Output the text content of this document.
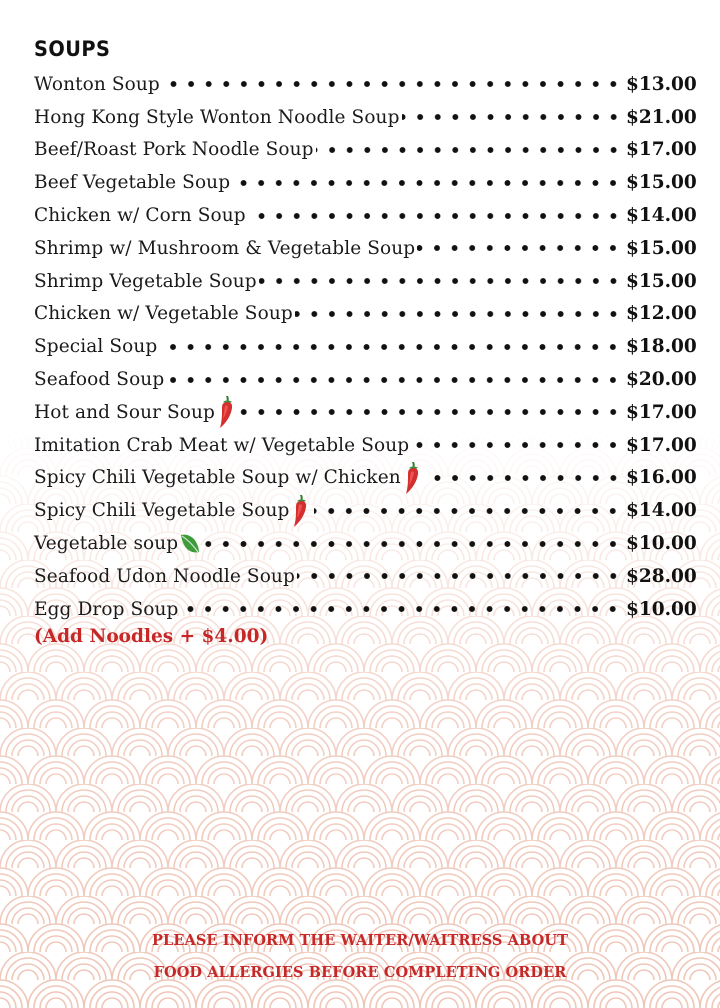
SOUPS
Wonton Soup	$13.00
Hong Kong Style Wonton Noodle Soup	$21.00
Beef/Roast Pork Noodle Soup	$17.00
Beef Vegetable Soup	$15.00
Chicken w/ Corn Soup	$14.00
Shrimp w/ Mushroom & Vegetable Soup	$15.00
Shrimp Vegetable Soup	$15.00
Chicken w/ Vegetable Soup	$12.00
Special Soup	$18.00
Seafood Soup	$20.00
Hot and Sour Soup	$17.00
Imitation Crab Meat w/ Vegetable Soup	$17.00
Spicy Chili Vegetable Soup w/ Chicken	$16.00
Spicy Chili Vegetable Soup	$14.00
Vegetable soup	$10.00
Seafood Udon Noodle Soup	$28.00
Egg Drop Soup	$10.00
(Add Noodles + $4.00)
PLEASE INFORM THE WAITER/WAITRESS ABOUT
FOOD ALLERGIES BEFORE COMPLETING ORDER
